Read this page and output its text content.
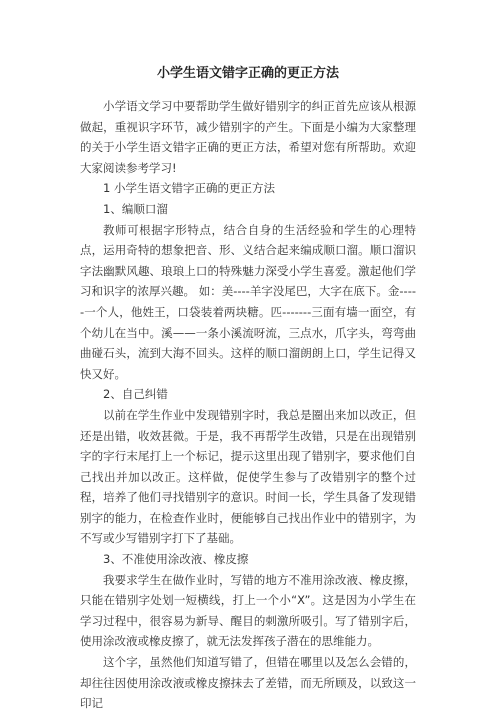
小学生语文错字正确的更正方法

小学语文学习中要帮助学生做好错别字的纠正首先应该从根源做起，重视识字环节，减少错别字的产生。下面是小编为大家整理的关于小学生语文错字正确的更正方法，希望对您有所帮助。欢迎大家阅读参考学习!

1 小学生语文错字正确的更正方法

1、编顺口溜

教师可根据字形特点，结合自身的生活经验和学生的心理特点，运用奇特的想象把音、形、义结合起来编成顺口溜。顺口溜识字法幽默风趣、琅琅上口的特殊魅力深受小学生喜爱。激起他们学习和识字的浓厚兴趣。 如：美----羊字没尾巴，大字在底下。金-----一个人，他姓王，口袋装着两块糖。匹-------三面有墙一面空，有个幼儿在当中。溪——一条小溪流呀流，三点水，爪字头，弯弯曲曲碰石头，流到大海不回头。这样的顺口溜朗朗上口，学生记得又快又好。

2、自己纠错

以前在学生作业中发现错别字时，我总是圈出来加以改正，但还是出错，收效甚微。于是，我不再帮学生改错，只是在出现错别字的字行末尾打上一个标记，提示这里出现了错别字，要求他们自己找出并加以改正。这样做，促使学生参与了改错别字的整个过程，培养了他们寻找错别字的意识。时间一长，学生具备了发现错别字的能力，在检查作业时，便能够自己找出作业中的错别字，为不写或少写错别字打下了基础。

3、不准使用涂改液、橡皮擦

我要求学生在做作业时，写错的地方不准用涂改液、橡皮擦，只能在错别字处划一短横线，打上一个小“X”。这是因为小学生在学习过程中，很容易为新导、醒目的刺激所吸引。写了错别字后，使用涂改液或橡皮擦了，就无法发挥孩子潜在的思维能力。

这个字，虽然他们知道写错了，但错在哪里以及怎么会错的，却往往因使用涂改液或橡皮擦抹去了差错，而无所顾及，以致这一印记
